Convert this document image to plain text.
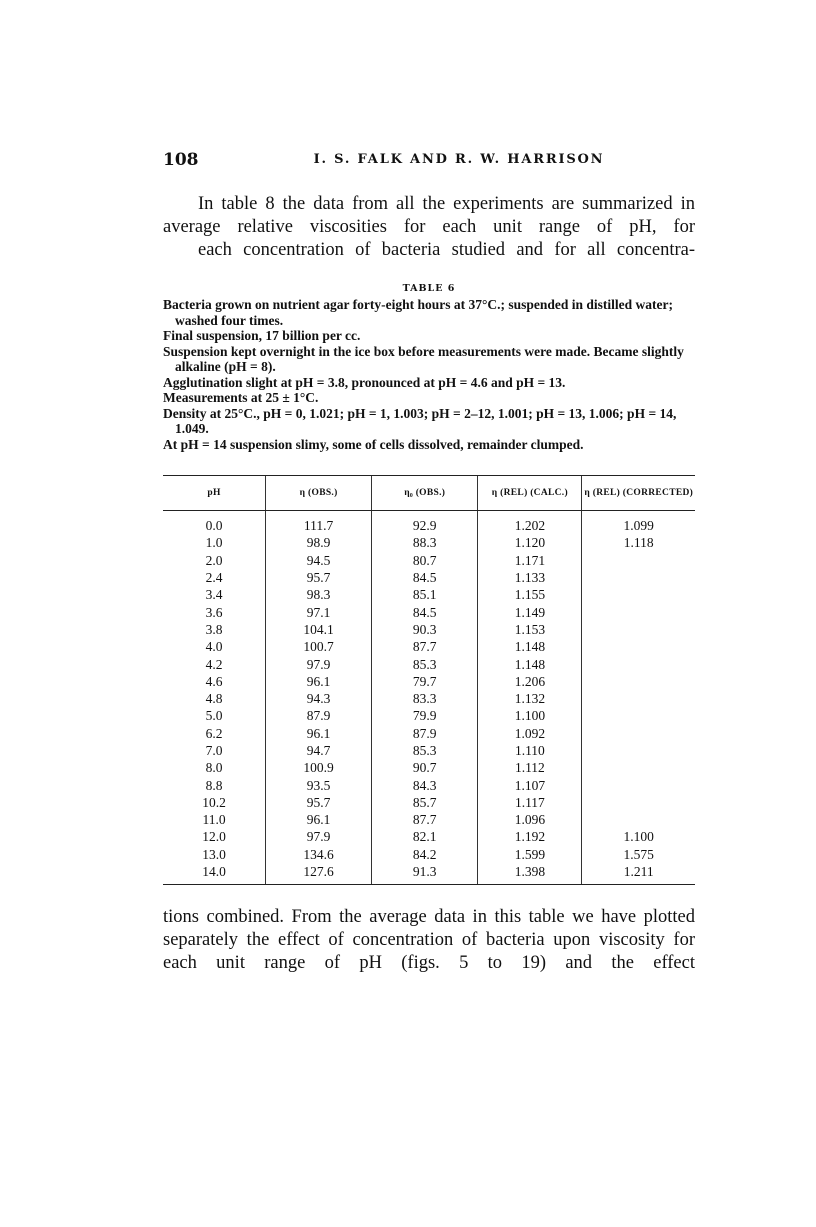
108	I. S. FALK AND R. W. HARRISON

In table 8 the data from all the experiments are summarized in average relative viscosities for each unit range of pH, for
each concentration of bacteria studied and for all concentra-

TABLE 6

Bacteria grown on nutrient agar forty-eight hours at 37°C.; suspended in distilled water; washed four times.

Final suspension, 17 billion per cc.

Suspension kept overnight in the ice box before measurements were made. Became slightly alkaline (pH = 8).

Agglutination slight at pH = 3.8, pronounced at pH = 4.6 and pH = 13.

Measurements at 25 ± 1°C.

Density at 25°C., pH = 0, 1.021; pH = 1, 1.003; pH = 2–12, 1.001; pH = 13, 1.006; pH = 14, 1.049.

At pH = 14 suspension slimy, some of cells dissolved, remainder clumped.

pH	η (OBS.)	η₀ (OBS.)	η (REL) (CALC.)	η (REL) (CORRECTED)
0.0	111.7	92.9	1.202	1.099
1.0	98.9	88.3	1.120	1.118
2.0	94.5	80.7	1.171	
2.4	95.7	84.5	1.133	
3.4	98.3	85.1	1.155	
3.6	97.1	84.5	1.149	
3.8	104.1	90.3	1.153	
4.0	100.7	87.7	1.148	
4.2	97.9	85.3	1.148	
4.6	96.1	79.7	1.206	
4.8	94.3	83.3	1.132	
5.0	87.9	79.9	1.100	
6.2	96.1	87.9	1.092	
7.0	94.7	85.3	1.110	
8.0	100.9	90.7	1.112	
8.8	93.5	84.3	1.107	
10.2	95.7	85.7	1.117	
11.0	96.1	87.7	1.096	
12.0	97.9	82.1	1.192	1.100
13.0	134.6	84.2	1.599	1.575
14.0	127.6	91.3	1.398	1.211

tions combined. From the average data in this table we have plotted separately the effect of concentration of bacteria upon viscosity for each unit range of pH (figs. 5 to 19) and the effect
